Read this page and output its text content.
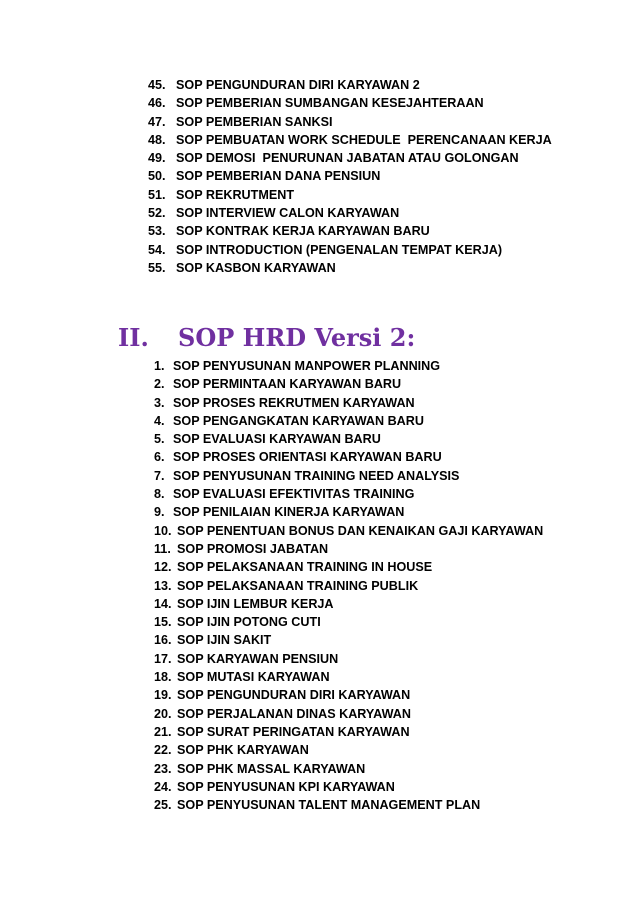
45. SOP PENGUNDURAN DIRI KARYAWAN 2
46. SOP PEMBERIAN SUMBANGAN KESEJAHTERAAN
47. SOP PEMBERIAN SANKSI
48. SOP PEMBUATAN WORK SCHEDULE  PERENCANAAN KERJA
49. SOP DEMOSI  PENURUNAN JABATAN ATAU GOLONGAN
50. SOP PEMBERIAN DANA PENSIUN
51. SOP REKRUTMENT
52. SOP INTERVIEW CALON KARYAWAN
53. SOP KONTRAK KERJA KARYAWAN BARU
54. SOP INTRODUCTION (PENGENALAN TEMPAT KERJA)
55. SOP KASBON KARYAWAN
II.	SOP HRD Versi 2:
1. SOP PENYUSUNAN MANPOWER PLANNING
2. SOP PERMINTAAN KARYAWAN BARU
3. SOP PROSES REKRUTMEN KARYAWAN
4. SOP PENGANGKATAN KARYAWAN BARU
5. SOP EVALUASI KARYAWAN BARU
6. SOP PROSES ORIENTASI KARYAWAN BARU
7. SOP PENYUSUNAN TRAINING NEED ANALYSIS
8. SOP EVALUASI EFEKTIVITAS TRAINING
9. SOP PENILAIAN KINERJA KARYAWAN
10. SOP PENENTUAN BONUS DAN KENAIKAN GAJI KARYAWAN
11. SOP PROMOSI JABATAN
12. SOP PELAKSANAAN TRAINING IN HOUSE
13. SOP PELAKSANAAN TRAINING PUBLIK
14. SOP IJIN LEMBUR KERJA
15. SOP IJIN POTONG CUTI
16. SOP IJIN SAKIT
17. SOP KARYAWAN PENSIUN
18. SOP MUTASI KARYAWAN
19. SOP PENGUNDURAN DIRI KARYAWAN
20. SOP PERJALANAN DINAS KARYAWAN
21. SOP SURAT PERINGATAN KARYAWAN
22. SOP PHK KARYAWAN
23. SOP PHK MASSAL KARYAWAN
24. SOP PENYUSUNAN KPI KARYAWAN
25. SOP PENYUSUNAN TALENT MANAGEMENT PLAN
